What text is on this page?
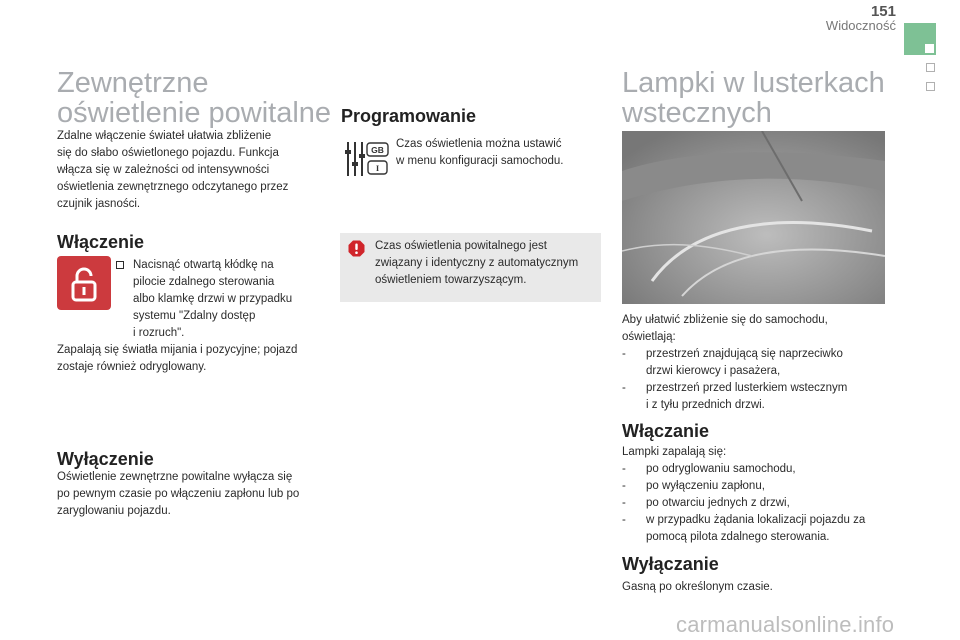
151
Widoczność
Zewnętrzne
oświetlenie powitalne
Zdalne włączenie świateł ułatwia zbliżenie
się do słabo oświetlonego pojazdu. Funkcja
włącza się w zależności od intensywności
oświetlenia zewnętrznego odczytanego przez
czujnik jasności.
Włączenie
Nacisnąć otwartą kłódkę na
pilocie zdalnego sterowania
albo klamkę drzwi w przypadku
systemu "Zdalny dostęp
i rozruch".
Zapalają się światła mijania i pozycyjne; pojazd
zostaje również odryglowany.
Wyłączenie
Oświetlenie zewnętrzne powitalne wyłącza się
po pewnym czasie po włączeniu zapłonu lub po
zaryglowaniu pojazdu.
Programowanie
GB
I
Czas oświetlenia można ustawić
w menu konfiguracji samochodu.
Czas oświetlenia powitalnego jest
związany i identyczny z automatycznym
oświetleniem towarzyszącym.
Lampki w lusterkach
wstecznych
Aby ułatwić zbliżenie się do samochodu,
oświetlają:
- przestrzeń znajdującą się naprzeciwko
drzwi kierowcy i pasażera,
- przestrzeń przed lusterkiem wstecznym
i z tyłu przednich drzwi.
Włączanie
Lampki zapalają się:
- po odryglowaniu samochodu,
- po wyłączeniu zapłonu,
- po otwarciu jednych z drzwi,
- w przypadku żądania lokalizacji pojazdu za
pomocą pilota zdalnego sterowania.
Wyłączanie
Gasną po określonym czasie.
carmanualsonline.info
